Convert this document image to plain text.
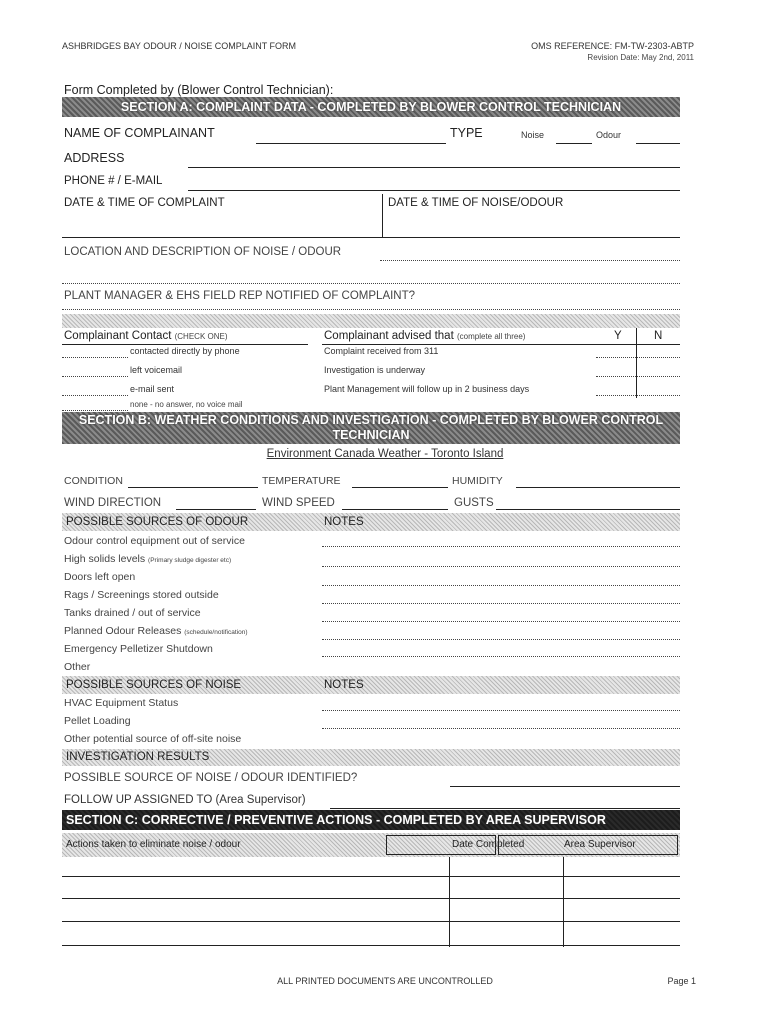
ASHBRIDGES BAY ODOUR / NOISE COMPLAINT FORM	OMS REFERENCE: FM-TW-2303-ABTP
Revision Date: May 2nd, 2011
Form Completed by (Blower Control Technician):
SECTION A: COMPLAINT DATA - COMPLETED BY BLOWER CONTROL TECHNICIAN
NAME OF COMPLAINANT	TYPE	Noise	Odour
ADDRESS
PHONE # / E-MAIL
DATE & TIME OF COMPLAINT	DATE & TIME OF NOISE/ODOUR
LOCATION AND DESCRIPTION OF NOISE / ODOUR
PLANT MANAGER & EHS FIELD REP NOTIFIED OF COMPLAINT?
Complainant Contact (CHECK ONE)	Complainant advised that (complete all three)	Y	N
contacted directly by phone
left voicemail
e-mail sent
none - no answer, no voice mail
Complaint received from 311
Investigation is underway
Plant Management will follow up in 2 business days
SECTION B: WEATHER CONDITIONS AND INVESTIGATION - COMPLETED BY BLOWER CONTROL
TECHNICIAN
Environment Canada Weather - Toronto Island
CONDITION	TEMPERATURE	HUMIDITY
WIND DIRECTION	WIND SPEED	GUSTS
POSSIBLE SOURCES OF ODOUR	NOTES
Odour control equipment out of service
High solids levels (Primary sludge digester etc)
Doors left open
Rags / Screenings stored outside
Tanks drained / out of service
Planned Odour Releases (schedule/notification)
Emergency Pelletizer Shutdown
Other
POSSIBLE SOURCES OF NOISE	NOTES
HVAC Equipment Status
Pellet Loading
Other potential source of off-site noise
INVESTIGATION RESULTS
POSSIBLE SOURCE OF NOISE / ODOUR IDENTIFIED?
FOLLOW UP ASSIGNED TO (Area Supervisor)
SECTION C: CORRECTIVE / PREVENTIVE ACTIONS - COMPLETED BY AREA SUPERVISOR
Actions taken to eliminate noise / odour	Date Completed	Area Supervisor
ALL PRINTED DOCUMENTS ARE UNCONTROLLED	Page 1
